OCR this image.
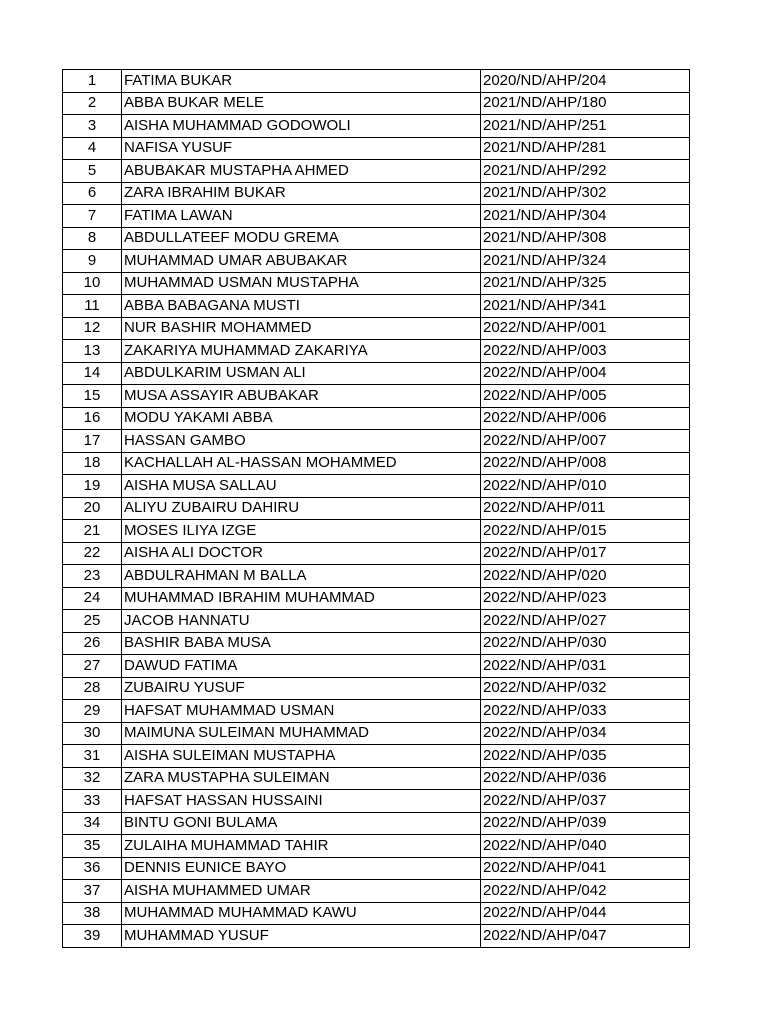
1	FATIMA BUKAR	2020/ND/AHP/204
2	ABBA BUKAR MELE	2021/ND/AHP/180
3	AISHA MUHAMMAD GODOWOLI	2021/ND/AHP/251
4	NAFISA YUSUF	2021/ND/AHP/281
5	ABUBAKAR MUSTAPHA AHMED	2021/ND/AHP/292
6	ZARA IBRAHIM BUKAR	2021/ND/AHP/302
7	FATIMA LAWAN	2021/ND/AHP/304
8	ABDULLATEEF MODU GREMA	2021/ND/AHP/308
9	MUHAMMAD UMAR ABUBAKAR	2021/ND/AHP/324
10	MUHAMMAD USMAN MUSTAPHA	2021/ND/AHP/325
11	ABBA BABAGANA MUSTI	2021/ND/AHP/341
12	NUR BASHIR MOHAMMED	2022/ND/AHP/001
13	ZAKARIYA MUHAMMAD ZAKARIYA	2022/ND/AHP/003
14	ABDULKARIM USMAN ALI	2022/ND/AHP/004
15	MUSA ASSAYIR ABUBAKAR	2022/ND/AHP/005
16	MODU YAKAMI ABBA	2022/ND/AHP/006
17	HASSAN GAMBO	2022/ND/AHP/007
18	KACHALLAH AL-HASSAN MOHAMMED	2022/ND/AHP/008
19	AISHA MUSA SALLAU	2022/ND/AHP/010
20	ALIYU ZUBAIRU DAHIRU	2022/ND/AHP/011
21	MOSES ILIYA IZGE	2022/ND/AHP/015
22	AISHA ALI DOCTOR	2022/ND/AHP/017
23	ABDULRAHMAN M BALLA	2022/ND/AHP/020
24	MUHAMMAD IBRAHIM MUHAMMAD	2022/ND/AHP/023
25	JACOB HANNATU	2022/ND/AHP/027
26	BASHIR BABA MUSA	2022/ND/AHP/030
27	DAWUD FATIMA	2022/ND/AHP/031
28	ZUBAIRU YUSUF	2022/ND/AHP/032
29	HAFSAT MUHAMMAD USMAN	2022/ND/AHP/033
30	MAIMUNA SULEIMAN MUHAMMAD	2022/ND/AHP/034
31	AISHA SULEIMAN MUSTAPHA	2022/ND/AHP/035
32	ZARA MUSTAPHA SULEIMAN	2022/ND/AHP/036
33	HAFSAT HASSAN HUSSAINI	2022/ND/AHP/037
34	BINTU GONI BULAMA	2022/ND/AHP/039
35	ZULAIHA MUHAMMAD TAHIR	2022/ND/AHP/040
36	DENNIS EUNICE BAYO	2022/ND/AHP/041
37	AISHA MUHAMMED UMAR	2022/ND/AHP/042
38	MUHAMMAD MUHAMMAD KAWU	2022/ND/AHP/044
39	MUHAMMAD YUSUF	2022/ND/AHP/047
